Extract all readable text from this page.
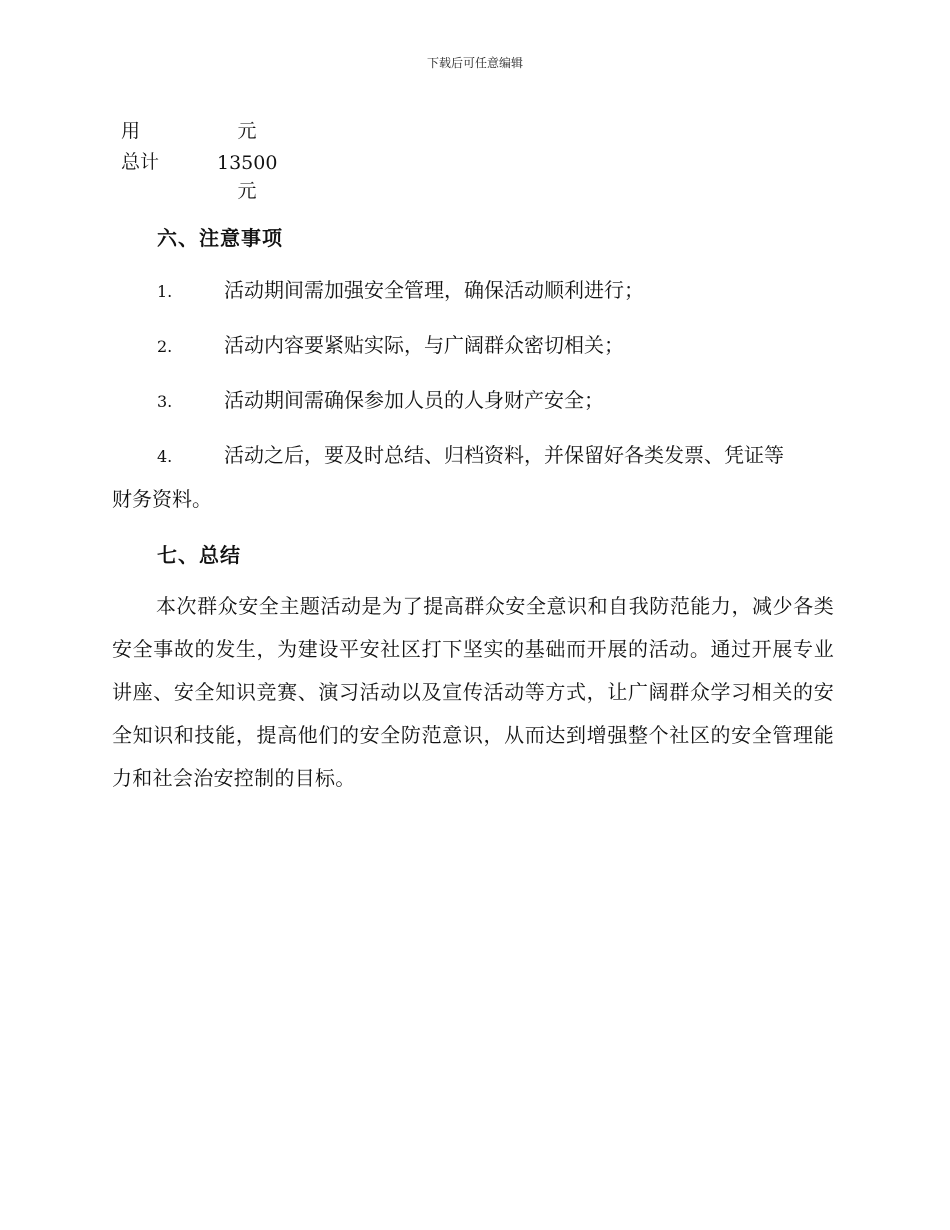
下载后可任意编辑
用	元
总计	13500
元
六、注意事项
1.	活动期间需加强安全管理，确保活动顺利进行；
2.	活动内容要紧贴实际，与广阔群众密切相关；
3.	活动期间需确保参加人员的人身财产安全；
4.	活动之后，要及时总结、归档资料，并保留好各类发票、凭证等
财务资料。
七、总结
本次群众安全主题活动是为了提高群众安全意识和自我防范能力，减少各类安全事故的发生，为建设平安社区打下坚实的基础而开展的活动。通过开展专业讲座、安全知识竞赛、演习活动以及宣传活动等方式，让广阔群众学习相关的安全知识和技能，提高他们的安全防范意识，从而达到增强整个社区的安全管理能力和社会治安控制的目标。
